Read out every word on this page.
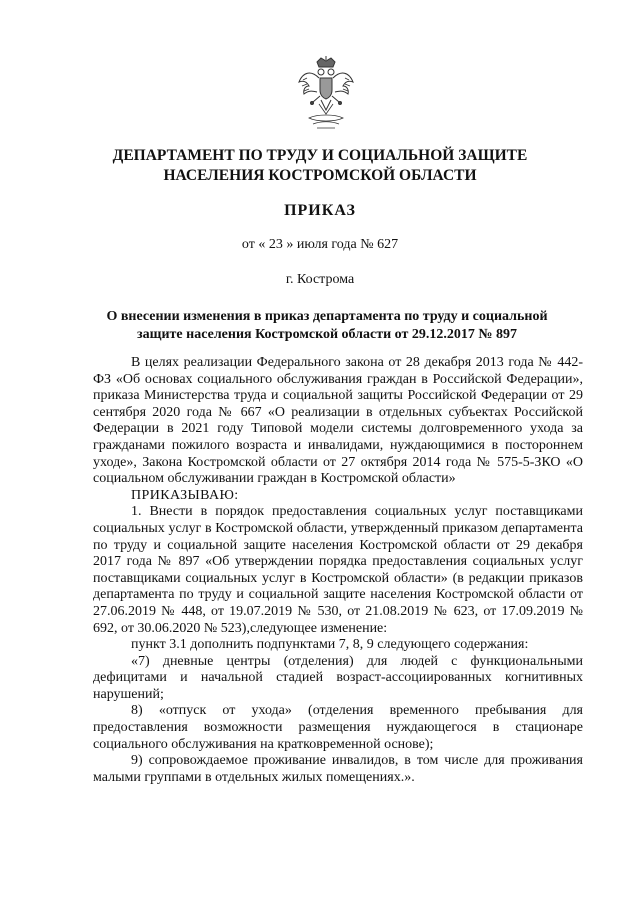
ДЕПАРТАМЕНТ ПО ТРУДУ И СОЦИАЛЬНОЙ ЗАЩИТЕ
НАСЕЛЕНИЯ КОСТРОМСКОЙ ОБЛАСТИ
ПРИКАЗ
от « 23 » июля года № 627
г. Кострома
О внесении изменения в приказ департамента по труду и социальной
защите населения Костромской области от 29.12.2017 № 897

В целях реализации Федерального закона от 28 декабря 2013 года № 442-ФЗ «Об основах социального обслуживания граждан в Российской Федерации», приказа Министерства труда и социальной защиты Российской Федерации от 29 сентября 2020 года № 667 «О реализации в отдельных субъектах Российской Федерации в 2021 году Типовой модели системы долговременного ухода за гражданами пожилого возраста и инвалидами, нуждающимися в постороннем уходе», Закона Костромской области от 27 октября 2014 года № 575-5-ЗКО «О социальном обслуживании граждан в Костромской области»

ПРИКАЗЫВАЮ:

1. Внести в порядок предоставления социальных услуг поставщиками социальных услуг в Костромской области, утвержденный приказом департамента по труду и социальной защите населения Костромской области от 29 декабря 2017 года № 897 «Об утверждении порядка предоставления социальных услуг поставщиками социальных услуг в Костромской области» (в редакции приказов департамента по труду и социальной защите населения Костромской области от 27.06.2019 № 448, от 19.07.2019 № 530, от 21.08.2019 № 623, от 17.09.2019 № 692, от 30.06.2020 № 523),следующее изменение:

пункт 3.1 дополнить подпунктами 7, 8, 9 следующего содержания:

«7) дневные центры (отделения) для людей с функциональными дефицитами и начальной стадией возраст-ассоциированных когнитивных нарушений;

8) «отпуск от ухода» (отделения временного пребывания для предоставления возможности размещения нуждающегося в стационаре социального обслуживания на кратковременной основе);

9) сопровождаемое проживание инвалидов, в том числе для проживания малыми группами в отдельных жилых помещениях.».
